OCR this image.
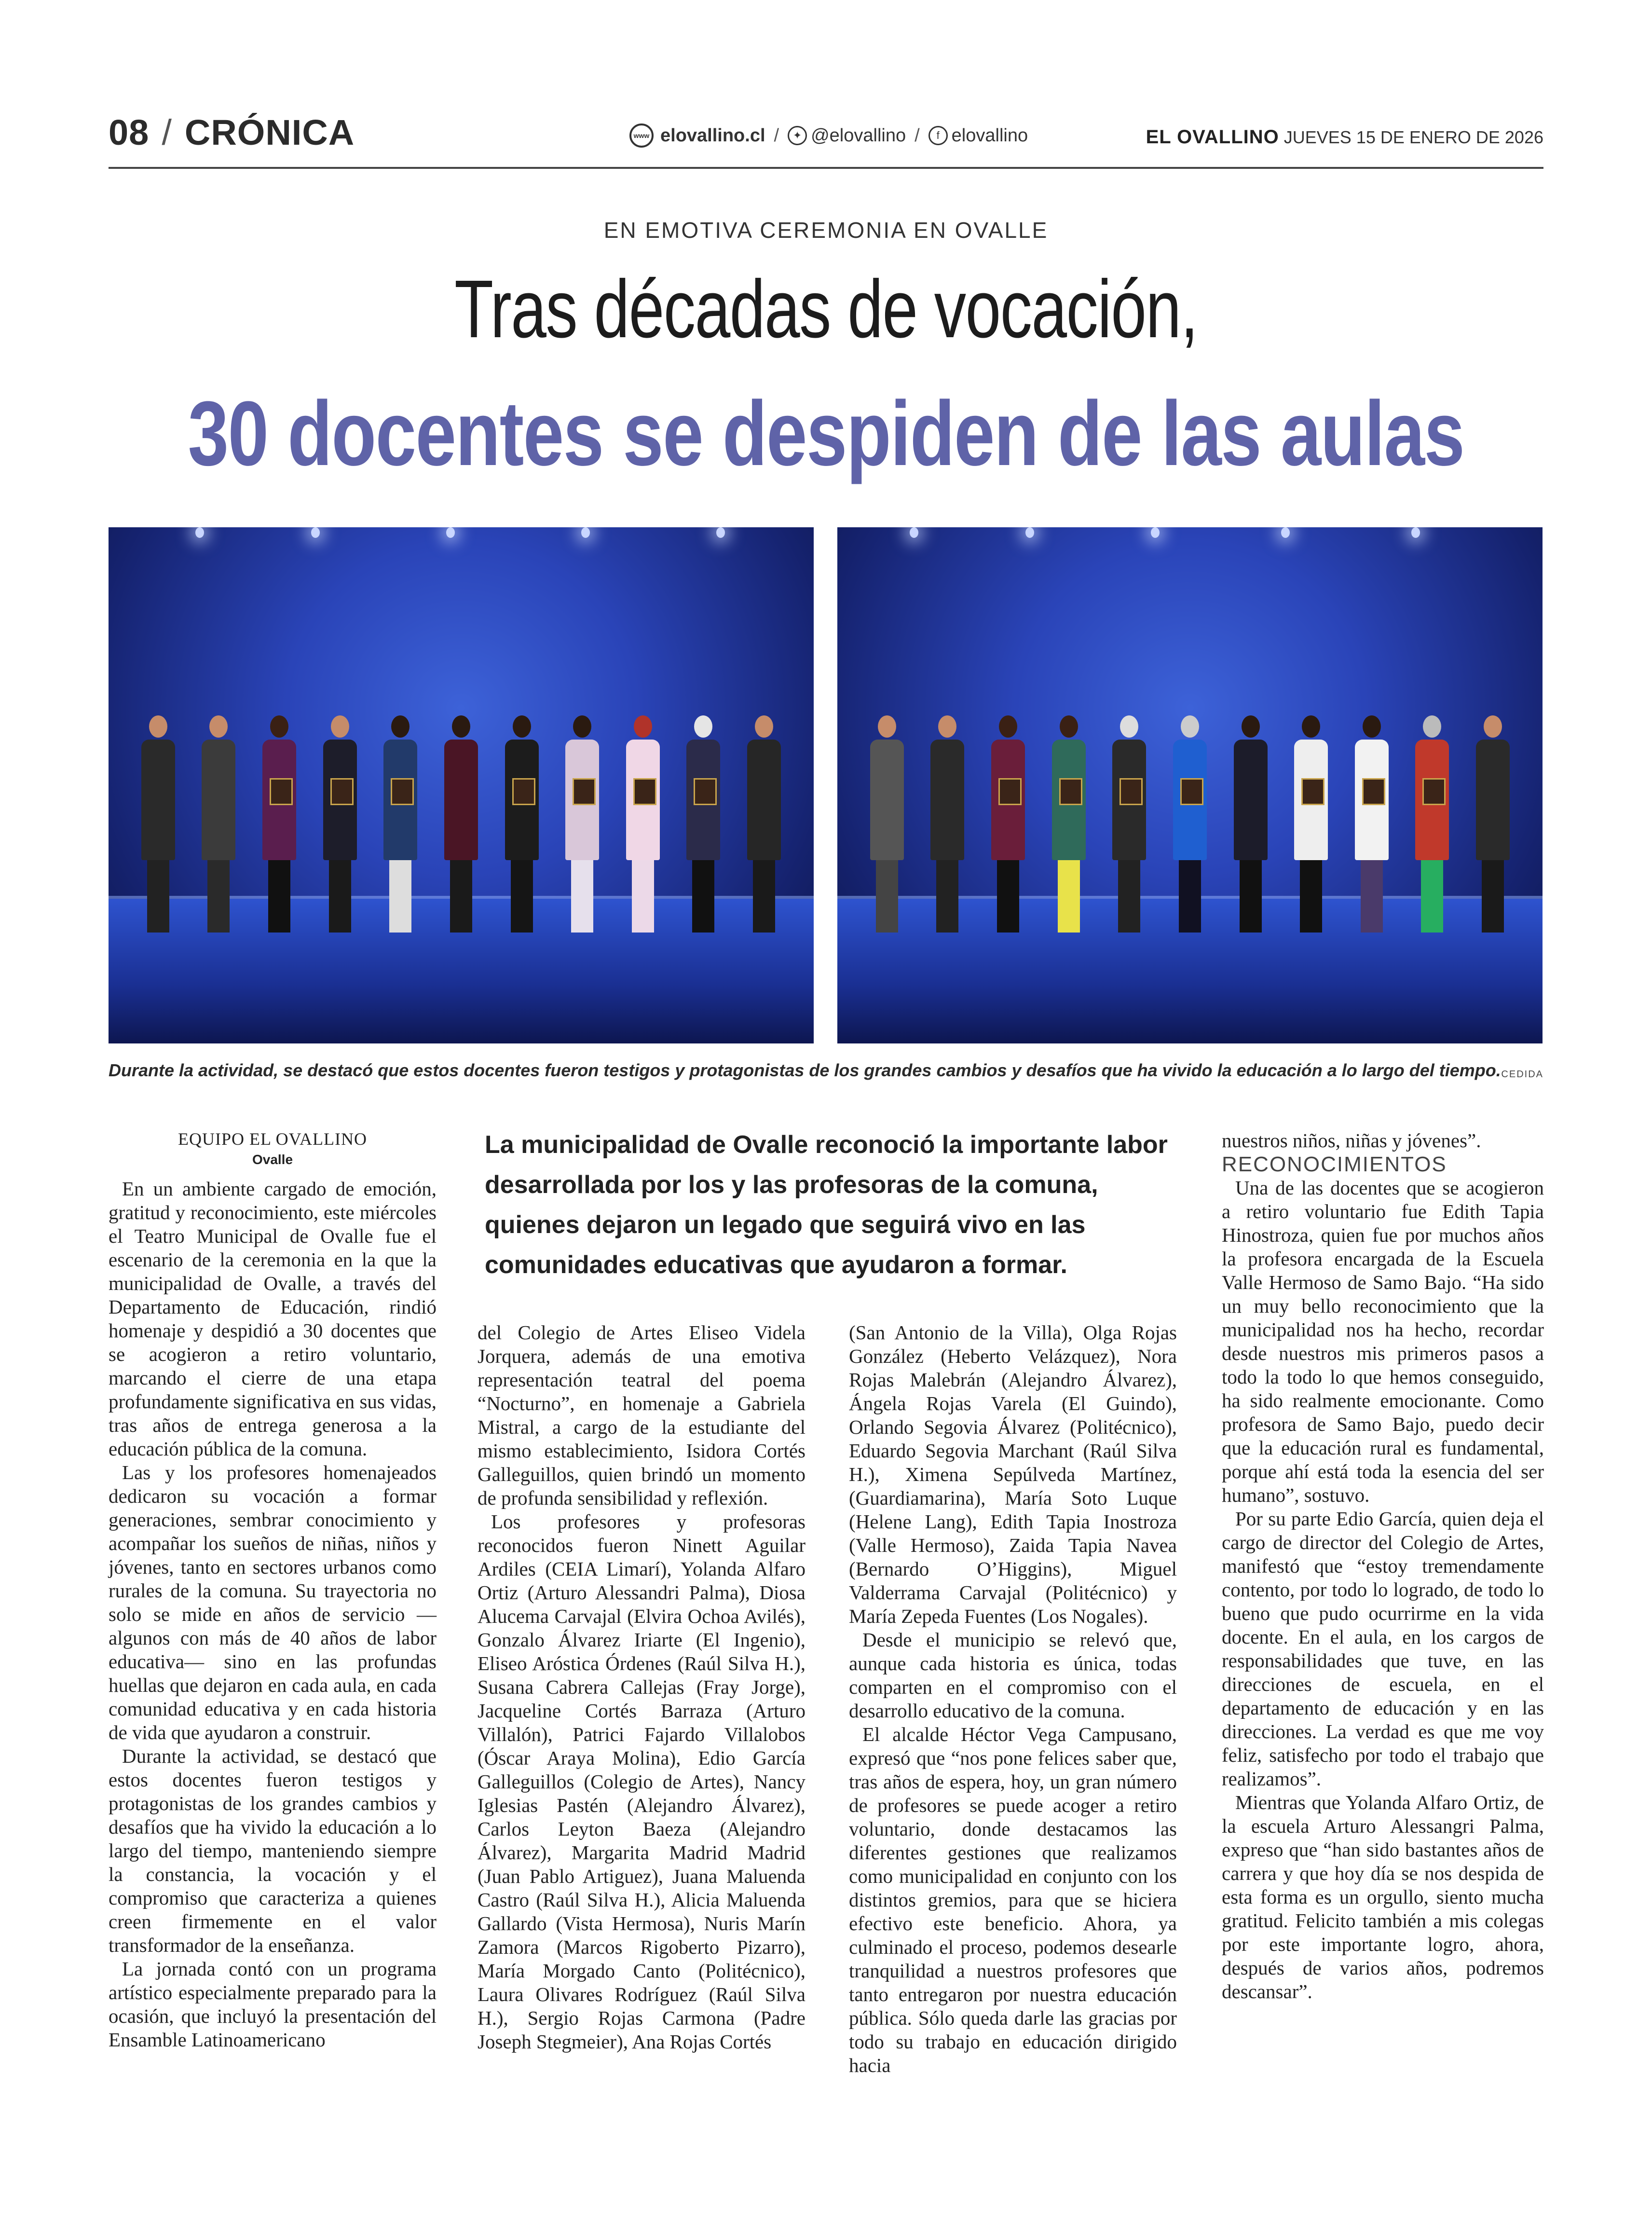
08 / CRÓNICA	www elovallino.cl /	✦ @elovallino /	f elovallino	EL OVALLINO JUEVES 15 DE ENERO DE 2026
EN EMOTIVA CEREMONIA EN OVALLE
Tras décadas de vocación,
30 docentes se despiden de las aulas
Durante la actividad, se destacó que estos docentes fueron testigos y protagonistas de los grandes cambios y desafíos que ha vivido la educación a lo largo del tiempo. CEDIDA
EQUIPO EL OVALLINO
Ovalle
La municipalidad de Ovalle reconoció la importante labor desarrollada por los y las profesoras de la comuna, quienes dejaron un legado que seguirá vivo en las comunidades educativas que ayudaron a formar.

En un ambiente cargado de emoción, gratitud y reconocimiento, este miércoles el Teatro Municipal de Ovalle fue el escenario de la ceremonia en la que la municipalidad de Ovalle, a través del Departamento de Educación, rindió homenaje y despidió a 30 docentes que se acogieron a retiro voluntario, marcando el cierre de una etapa profundamente significativa en sus vidas, tras años de entrega generosa a la educación pública de la comuna.

Las y los profesores homenajeados dedicaron su vocación a formar generaciones, sembrar conocimiento y acompañar los sueños de niñas, niños y jóvenes, tanto en sectores urbanos como rurales de la comuna. Su trayectoria no solo se mide en años de servicio —algunos con más de 40 años de labor educativa— sino en las profundas huellas que dejaron en cada aula, en cada comunidad educativa y en cada historia de vida que ayudaron a construir.

Durante la actividad, se destacó que estos docentes fueron testigos y protagonistas de los grandes cambios y desafíos que ha vivido la educación a lo largo del tiempo, manteniendo siempre la constancia, la vocación y el compromiso que caracteriza a quienes creen firmemente en el valor transformador de la enseñanza.

La jornada contó con un programa artístico especialmente preparado para la ocasión, que incluyó la presentación del Ensamble Latinoamericano

del Colegio de Artes Eliseo Videla Jorquera, además de una emotiva representación teatral del poema “Nocturno”, en homenaje a Gabriela Mistral, a cargo de la estudiante del mismo establecimiento, Isidora Cortés Galleguillos, quien brindó un momento de profunda sensibilidad y reflexión.

Los profesores y profesoras reconocidos fueron Ninett Aguilar Ardiles (CEIA Limarí), Yolanda Alfaro Ortiz (Arturo Alessandri Palma), Diosa Alucema Carvajal (Elvira Ochoa Avilés), Gonzalo Álvarez Iriarte (El Ingenio), Eliseo Aróstica Órdenes (Raúl Silva H.), Susana Cabrera Callejas (Fray Jorge), Jacqueline Cortés Barraza (Arturo Villalón), Patrici Fajardo Villalobos (Óscar Araya Molina), Edio García Galleguillos (Colegio de Artes), Nancy Iglesias Pastén (Alejandro Álvarez), Carlos Leyton Baeza (Alejandro Álvarez), Margarita Madrid Madrid (Juan Pablo Artiguez), Juana Maluenda Castro (Raúl Silva H.), Alicia Maluenda Gallardo (Vista Hermosa), Nuris Marín Zamora (Marcos Rigoberto Pizarro), María Morgado Canto (Politécnico), Laura Olivares Rodríguez (Raúl Silva H.), Sergio Rojas Carmona (Padre Joseph Stegmeier), Ana Rojas Cortés

(San Antonio de la Villa), Olga Rojas González (Heberto Velázquez), Nora Rojas Malebrán (Alejandro Álvarez), Ángela Rojas Varela (El Guindo), Orlando Segovia Álvarez (Politécnico), Eduardo Segovia Marchant (Raúl Silva H.), Ximena Sepúlveda Martínez, (Guardiamarina), María Soto Luque (Helene Lang), Edith Tapia Inostroza (Valle Hermoso), Zaida Tapia Navea (Bernardo O’Higgins), Miguel Valderrama Carvajal (Politécnico) y María Zepeda Fuentes (Los Nogales).

Desde el municipio se relevó que, aunque cada historia es única, todas comparten en el compromiso con el desarrollo educativo de la comuna.

El alcalde Héctor Vega Campusano, expresó que “nos pone felices saber que, tras años de espera, hoy, un gran número de profesores se puede acoger a retiro voluntario, donde destacamos las diferentes gestiones que realizamos como municipalidad en conjunto con los distintos gremios, para que se hiciera efectivo este beneficio. Ahora, ya culminado el proceso, podemos desearle tranquilidad a nuestros profesores que tanto entregaron por nuestra educación pública. Sólo queda darle las gracias por todo su trabajo en educación dirigido hacia

nuestros niños, niñas y jóvenes”.

RECONOCIMIENTOS

Una de las docentes que se acogieron a retiro voluntario fue Edith Tapia Hinostroza, quien fue por muchos años la profesora encargada de la Escuela Valle Hermoso de Samo Bajo. “Ha sido un muy bello reconocimiento que la municipalidad nos ha hecho, recordar desde nuestros mis primeros pasos a todo la todo lo que hemos conseguido, ha sido realmente emocionante. Como profesora de Samo Bajo, puedo decir que la educación rural es fundamental, porque ahí está toda la esencia del ser humano”, sostuvo.

Por su parte Edio García, quien deja el cargo de director del Colegio de Artes, manifestó que “estoy tremendamente contento, por todo lo logrado, de todo lo bueno que pudo ocurrirme en la vida docente. En el aula, en los cargos de responsabilidades que tuve, en las direcciones de escuela, en el departamento de educación y en las direcciones. La verdad es que me voy feliz, satisfecho por todo el trabajo que realizamos”.

Mientras que Yolanda Alfaro Ortiz, de la escuela Arturo Alessangri Palma, expreso que “han sido bastantes años de carrera y que hoy día se nos despida de esta forma es un orgullo, siento mucha gratitud. Felicito también a mis colegas por este importante logro, ahora, después de varios años, podremos descansar”.
